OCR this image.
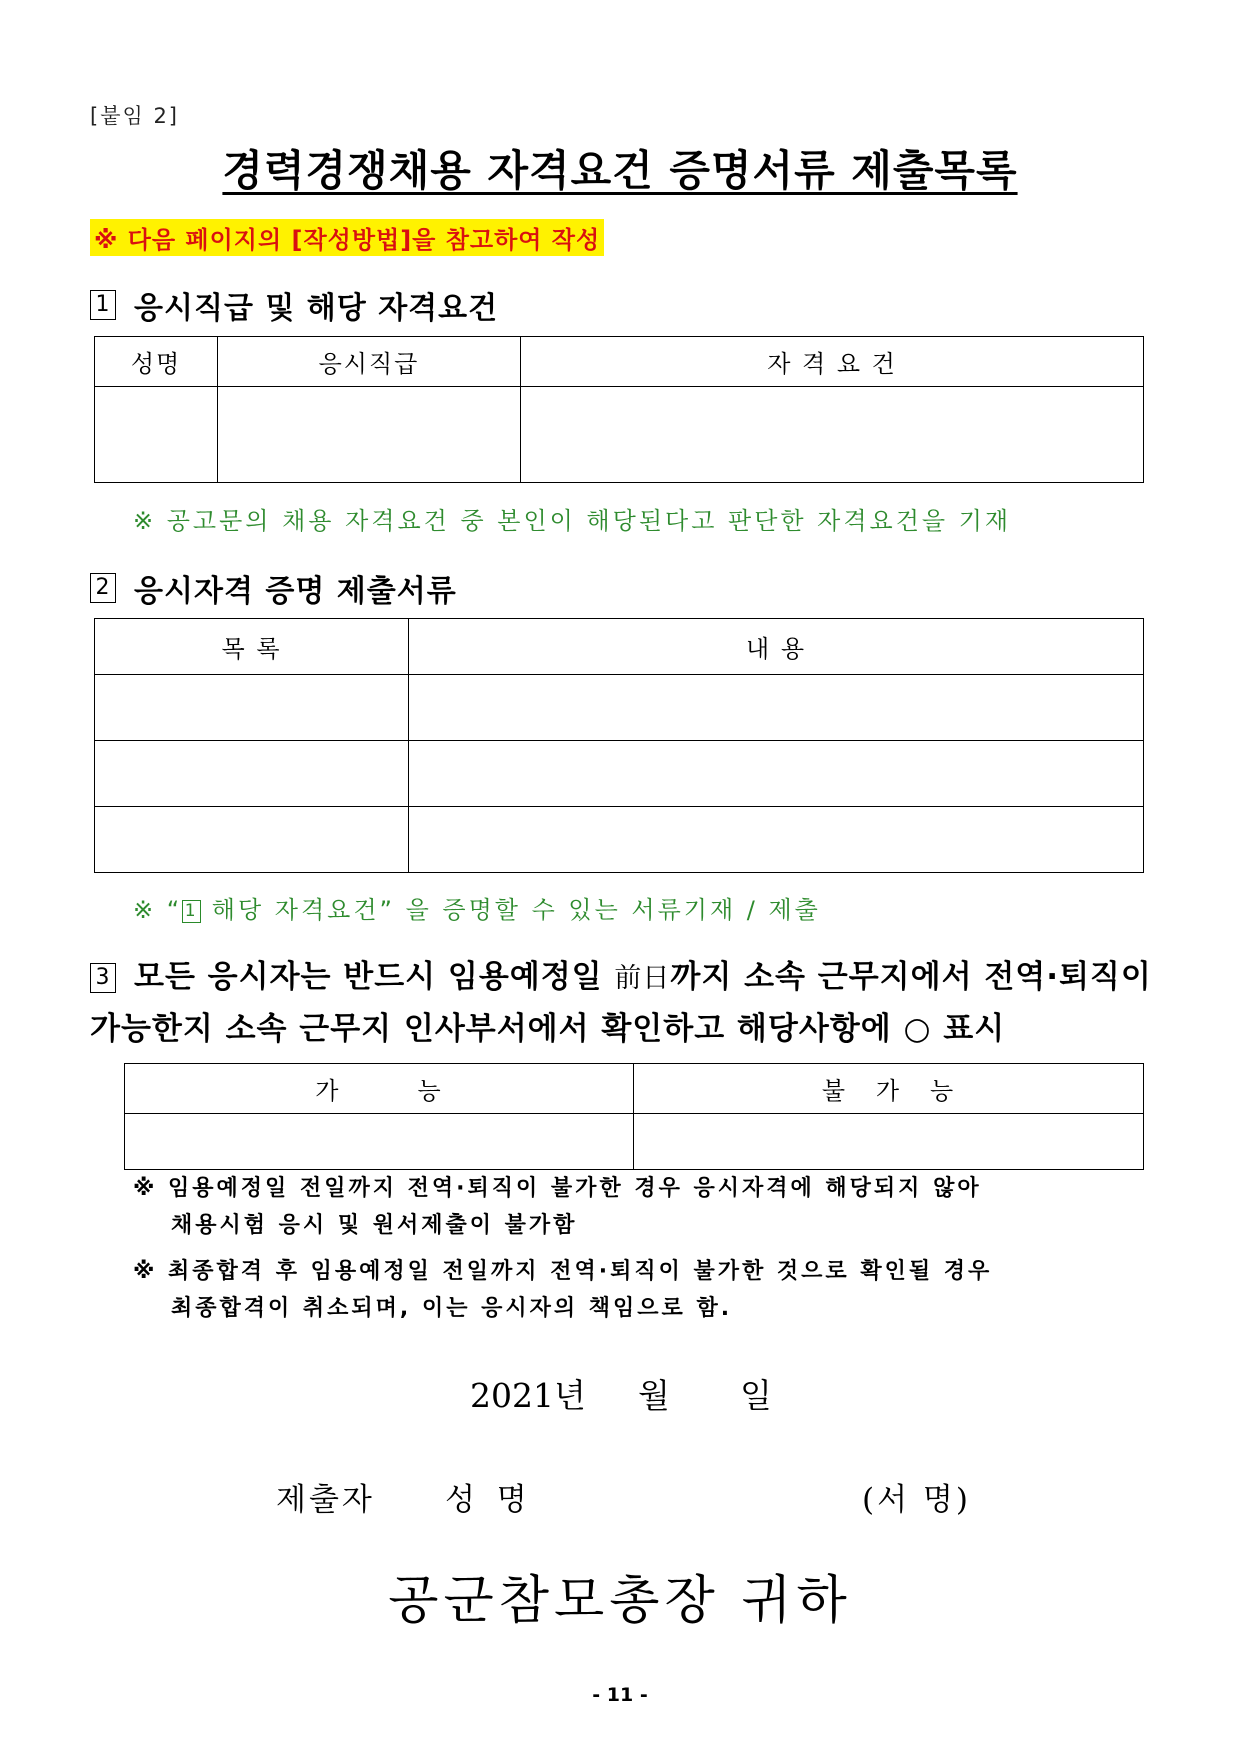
[붙임 2]
경력경쟁채용 자격요건 증명서류 제출목록
※ 다음 페이지의 [작성방법]을 참고하여 작성
1 응시직급 및 해당 자격요건
성명	응시직급	자 격 요 건

※ 공고문의 채용 자격요건 중 본인이 해당된다고 판단한 자격요건을 기재
2 응시자격 증명 제출서류
목 록	내 용

※ “ 1 해당 자격요건” 을 증명할 수 있는 서류기재 / 제출
3 모든 응시자는 반드시 임용예정일 前日까지 소속 근무지에서 전역·퇴직이 가능한지 소속 근무지 인사부서에서 확인하고 해당사항에 ○ 표시
가        능	불   가   능

※ 임용예정일 전일까지 전역·퇴직이 불가한 경우 응시자격에 해당되지 않아
채용시험 응시 및 원서제출이 불가함
※ 최종합격 후 임용예정일 전일까지 전역·퇴직이 불가한 것으로 확인될 경우
최종합격이 취소되며, 이는 응시자의 책임으로 함.
2021년 월 일
제출자 성 명	(서 명)
공군참모총장 귀하
- 11 -
